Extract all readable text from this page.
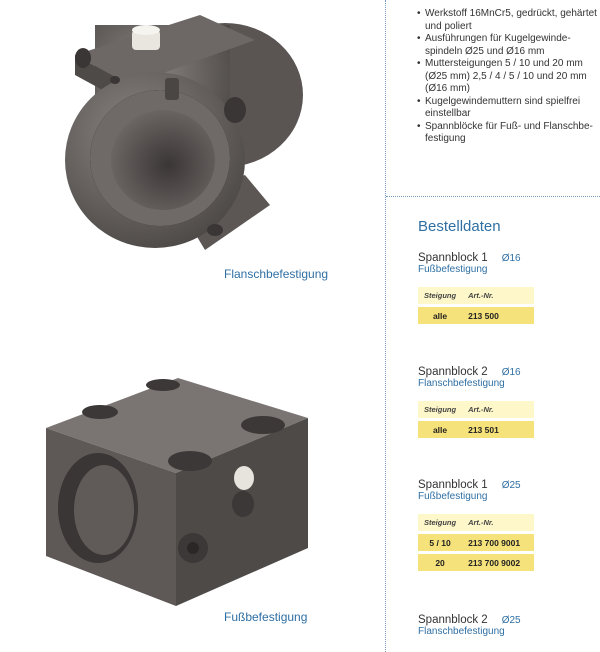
Flanschbefestigung
Fußbefestigung
• Werkstoff 16MnCr5, gedrückt, gehärtet und poliert
• Ausführungen für Kugelgewinde-spindeln Ø25 und Ø16 mm
• Muttersteigungen 5 / 10 und 20 mm (Ø25 mm) 2,5 / 4 / 5 / 10 und 20 mm (Ø16 mm)
• Kugelgewindemuttern sind spielfrei einstellbar
• Spannblöcke für Fuß- und Flanschbe-festigung
Bestelldaten
Spannblock 1 Ø16
Fußbefestigung
Steigung	Art.-Nr.
alle	213 500
Spannblock 2 Ø16
Flanschbefestigung
Steigung	Art.-Nr.
alle	213 501
Spannblock 1 Ø25
Fußbefestigung
Steigung	Art.-Nr.
5 / 10	213 700 9001
20	213 700 9002
Spannblock 2 Ø25
Flanschbefestigung
